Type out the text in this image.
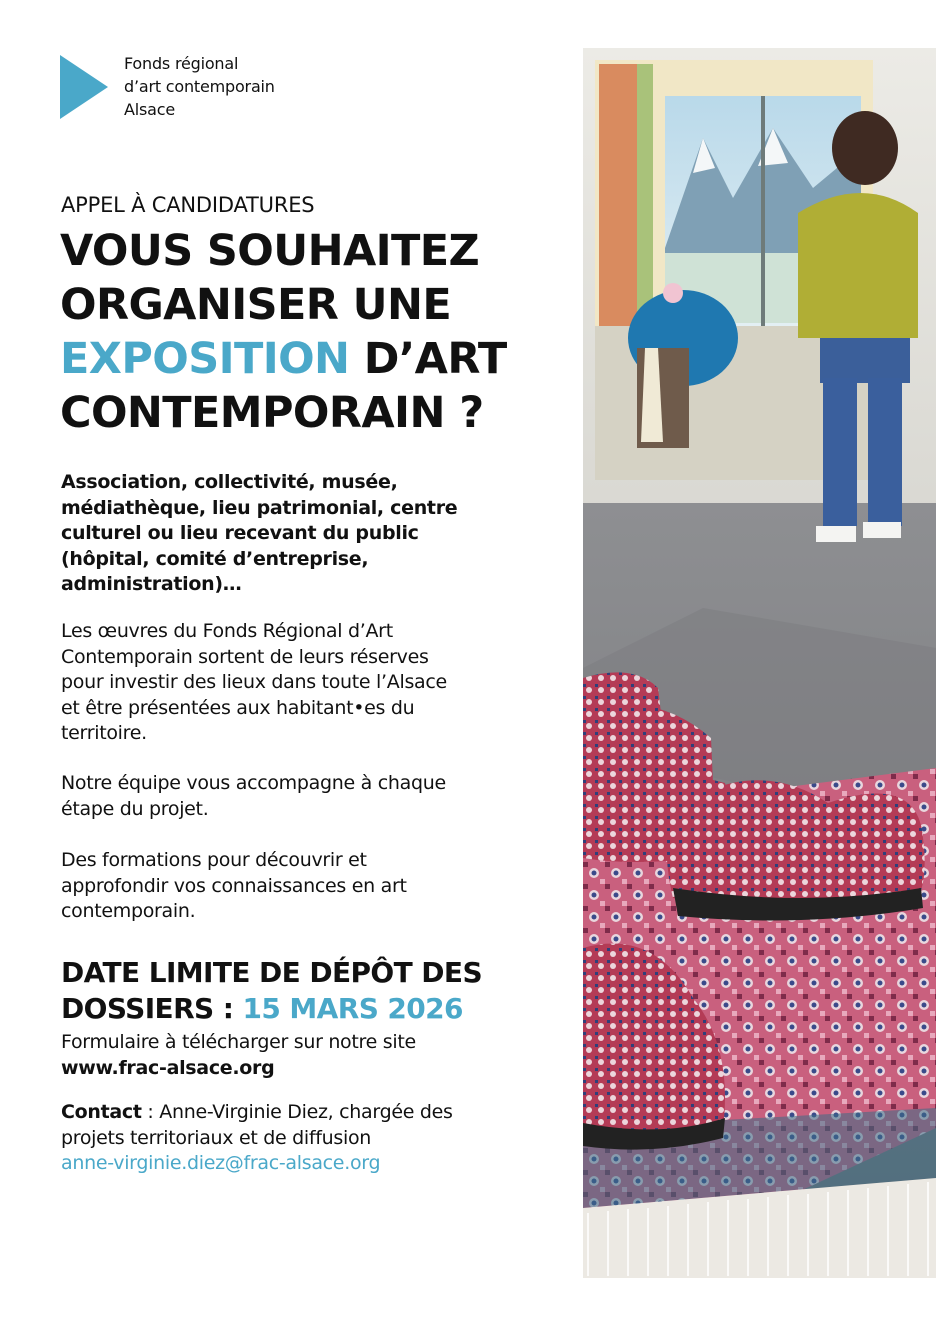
Fonds régional
d’art contemporain
Alsace
APPEL À CANDIDATURES
VOUS SOUHAITEZ
ORGANISER UNE
EXPOSITION D’ART
CONTEMPORAIN ?
Association, collectivité, musée,
médiathèque, lieu patrimonial, centre
culturel ou lieu recevant du public
(hôpital, comité d’entreprise,
administration)…
Les œuvres du Fonds Régional d’Art
Contemporain sortent de leurs réserves
pour investir des lieux dans toute l’Alsace
et être présentées aux habitant•es du
territoire.
Notre équipe vous accompagne à chaque
étape du projet.
Des formations pour découvrir et
approfondir vos connaissances en art
contemporain.
DATE LIMITE DE DÉPÔT DES
DOSSIERS : 15 MARS 2026
Formulaire à télécharger sur notre site
www.frac-alsace.org
Contact : Anne-Virginie Diez, chargée des
projets territoriaux et de diffusion
anne-virginie.diez@frac-alsace.org
